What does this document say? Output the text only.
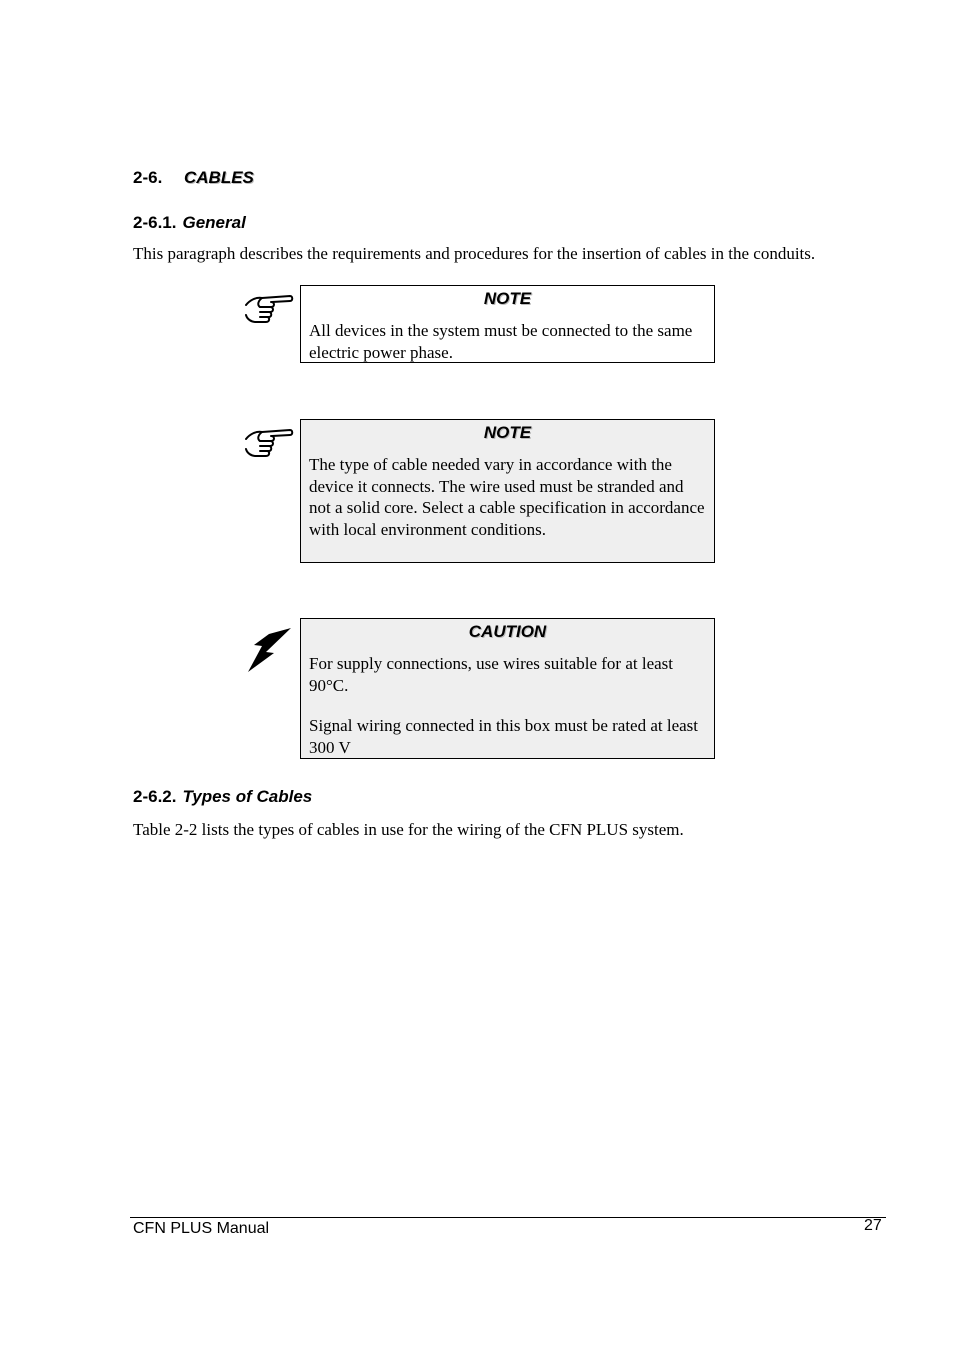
2-6. CABLES
2-6.1. General
This paragraph describes the requirements and procedures for the insertion of cables in the conduits.
NOTE
All devices in the system must be connected to the same electric power phase.
NOTE
The type of cable needed vary in accordance with the device it connects. The wire used must be stranded and not a solid core. Select a cable specification in accordance with local environment conditions.
CAUTION
For supply connections, use wires suitable for at least 90°C.
Signal wiring connected in this box must be rated at least 300 V
2-6.2. Types of Cables
Table 2-2 lists the types of cables in use for the wiring of the CFN PLUS system.
CFN PLUS Manual	27
